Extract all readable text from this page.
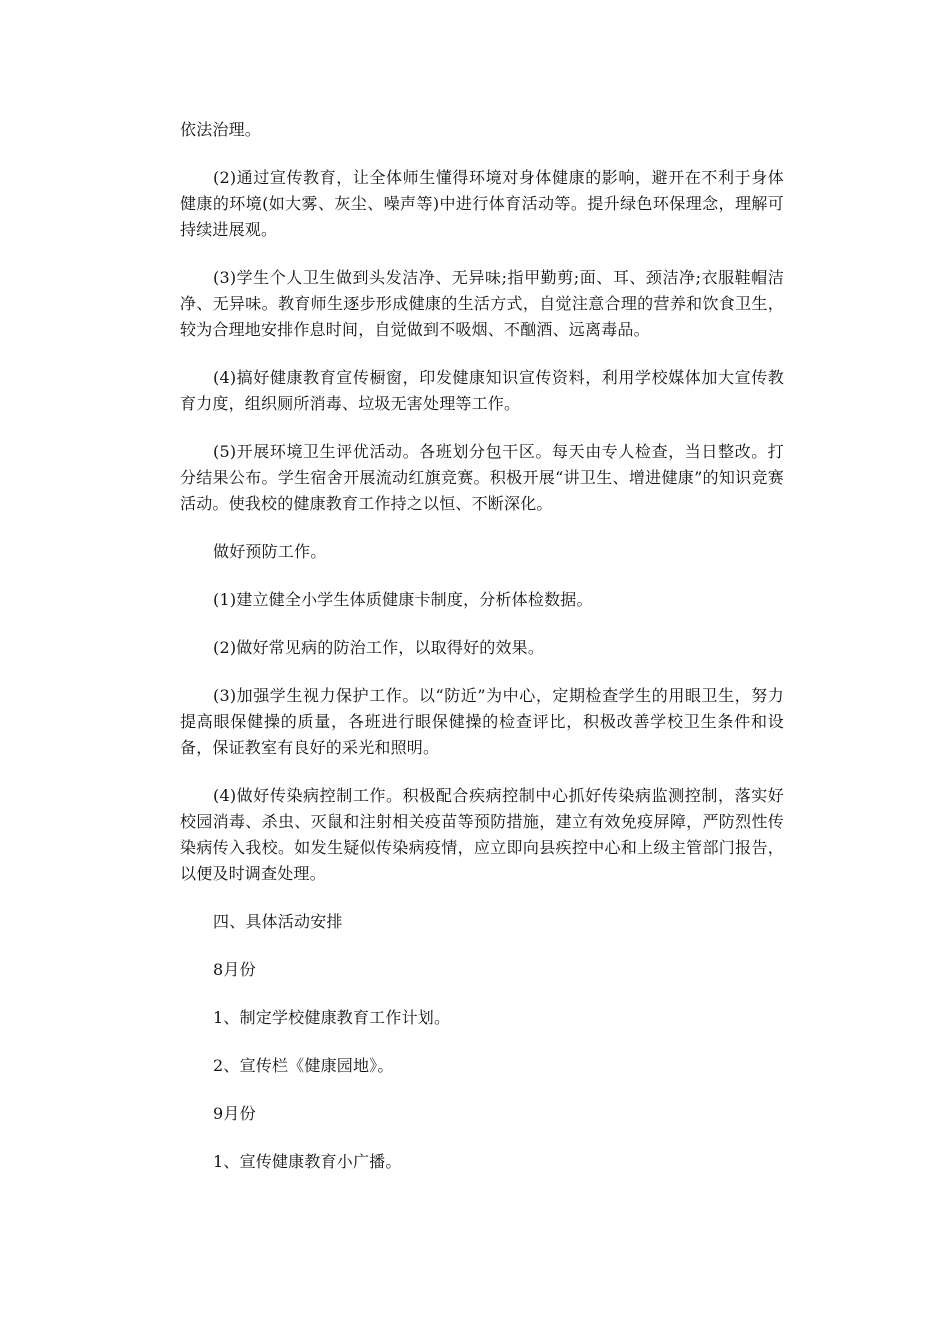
依法治理。

(2)通过宣传教育，让全体师生懂得环境对身体健康的影响，避开在不利于身体健康的环境(如大雾、灰尘、噪声等)中进行体育活动等。提升绿色环保理念，理解可持续进展观。

(3)学生个人卫生做到头发洁净、无异味;指甲勤剪;面、耳、颈洁净;衣服鞋帽洁净、无异味。教育师生逐步形成健康的生活方式，自觉注意合理的营养和饮食卫生，较为合理地安排作息时间，自觉做到不吸烟、不酗酒、远离毒品。

(4)搞好健康教育宣传橱窗，印发健康知识宣传资料，利用学校媒体加大宣传教育力度，组织厕所消毒、垃圾无害处理等工作。

(5)开展环境卫生评优活动。各班划分包干区。每天由专人检查，当日整改。打分结果公布。学生宿舍开展流动红旗竞赛。积极开展“讲卫生、增进健康”的知识竞赛活动。使我校的健康教育工作持之以恒、不断深化。

做好预防工作。

(1)建立健全小学生体质健康卡制度，分析体检数据。

(2)做好常见病的防治工作，以取得好的效果。

(3)加强学生视力保护工作。以“防近”为中心，定期检查学生的用眼卫生，努力提高眼保健操的质量，各班进行眼保健操的检查评比，积极改善学校卫生条件和设备，保证教室有良好的采光和照明。

(4)做好传染病控制工作。积极配合疾病控制中心抓好传染病监测控制，落实好校园消毒、杀虫、灭鼠和注射相关疫苗等预防措施，建立有效免疫屏障，严防烈性传染病传入我校。如发生疑似传染病疫情，应立即向县疾控中心和上级主管部门报告，以便及时调查处理。

四、具体活动安排

8月份

1、制定学校健康教育工作计划。

2、宣传栏《健康园地》。

9月份

1、宣传健康教育小广播。
